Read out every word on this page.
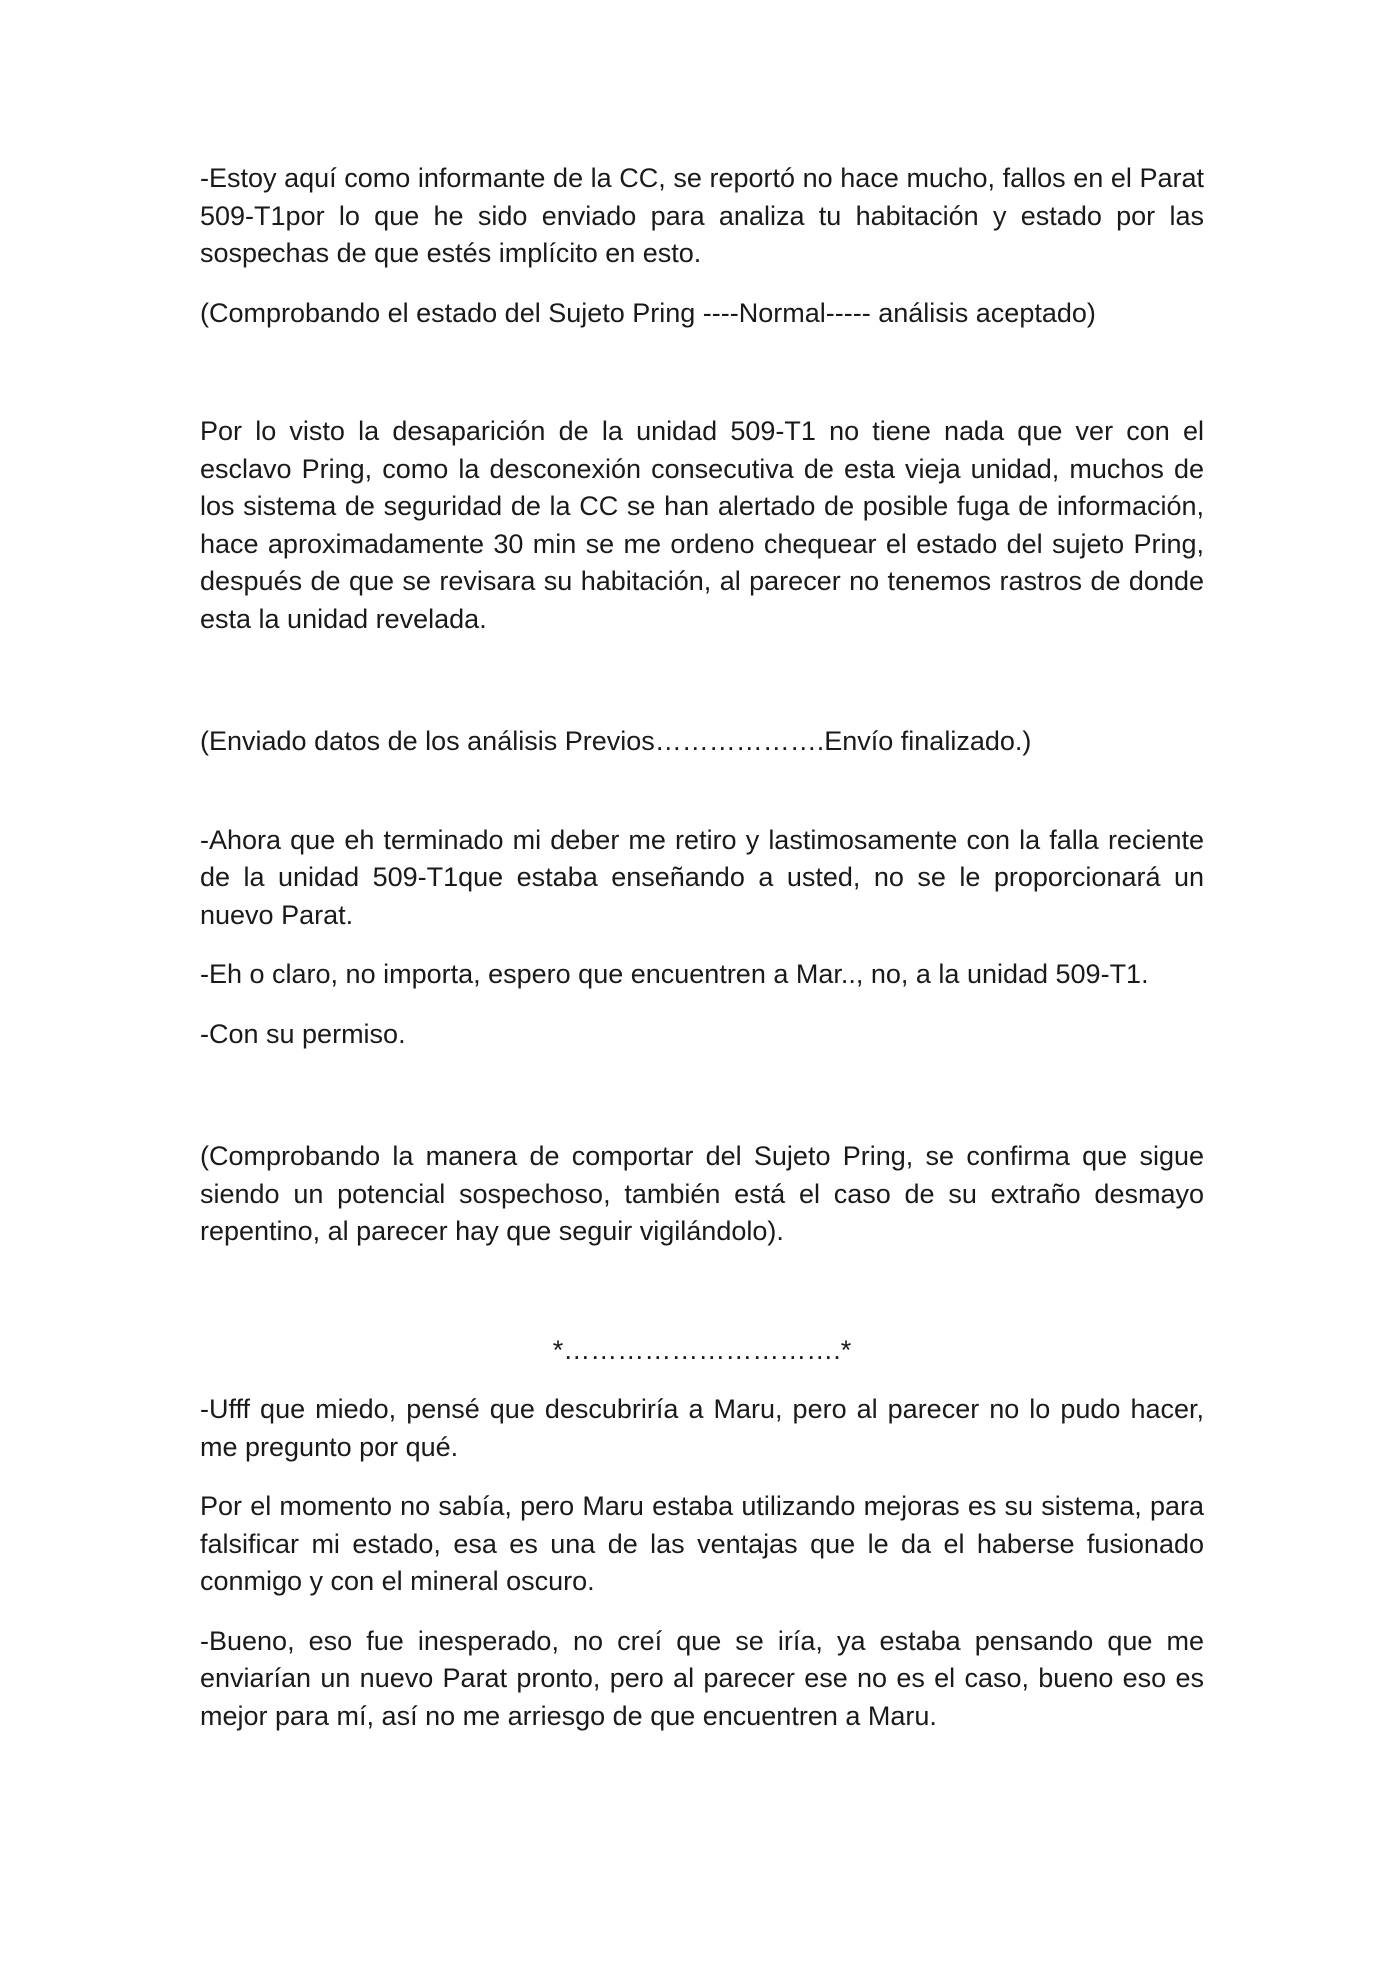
-Estoy aquí como informante de la CC, se reportó no hace mucho, fallos en el Parat 509-T1por lo que he sido enviado para analiza tu habitación y estado por las sospechas de que estés implícito en esto.

(Comprobando el estado del Sujeto Pring ----Normal----- análisis aceptado)

Por lo visto la desaparición de la unidad 509-T1 no tiene nada que ver con el esclavo Pring, como la desconexión consecutiva de esta vieja unidad, muchos de los sistema de seguridad de la CC se han alertado de posible fuga de información, hace aproximadamente 30 min se me ordeno chequear el estado del sujeto Pring, después de que se revisara su habitación, al parecer no tenemos rastros de donde esta la unidad revelada.

(Enviado datos de los análisis Previos……………….Envío finalizado.)

-Ahora que eh terminado mi deber me retiro y lastimosamente con la falla reciente de la unidad 509-T1que estaba enseñando a usted, no se le proporcionará un nuevo Parat.

-Eh o claro, no importa, espero que encuentren a Mar.., no, a la unidad 509-T1.

-Con su permiso.

(Comprobando la manera de comportar del Sujeto Pring, se confirma que sigue siendo un potencial sospechoso, también está el caso de su extraño desmayo repentino, al parecer hay que seguir vigilándolo).

*………………………….*

-Ufff que miedo, pensé que descubriría a Maru, pero al parecer no lo pudo hacer, me pregunto por qué.

Por el momento no sabía, pero Maru estaba utilizando mejoras es su sistema, para falsificar mi estado, esa es una de las ventajas que le da el haberse fusionado conmigo y con el mineral oscuro.

-Bueno, eso fue inesperado, no creí que se iría, ya estaba pensando que me enviarían un nuevo Parat pronto, pero al parecer ese no es el caso, bueno eso es mejor para mí, así no me arriesgo de que encuentren a Maru.
